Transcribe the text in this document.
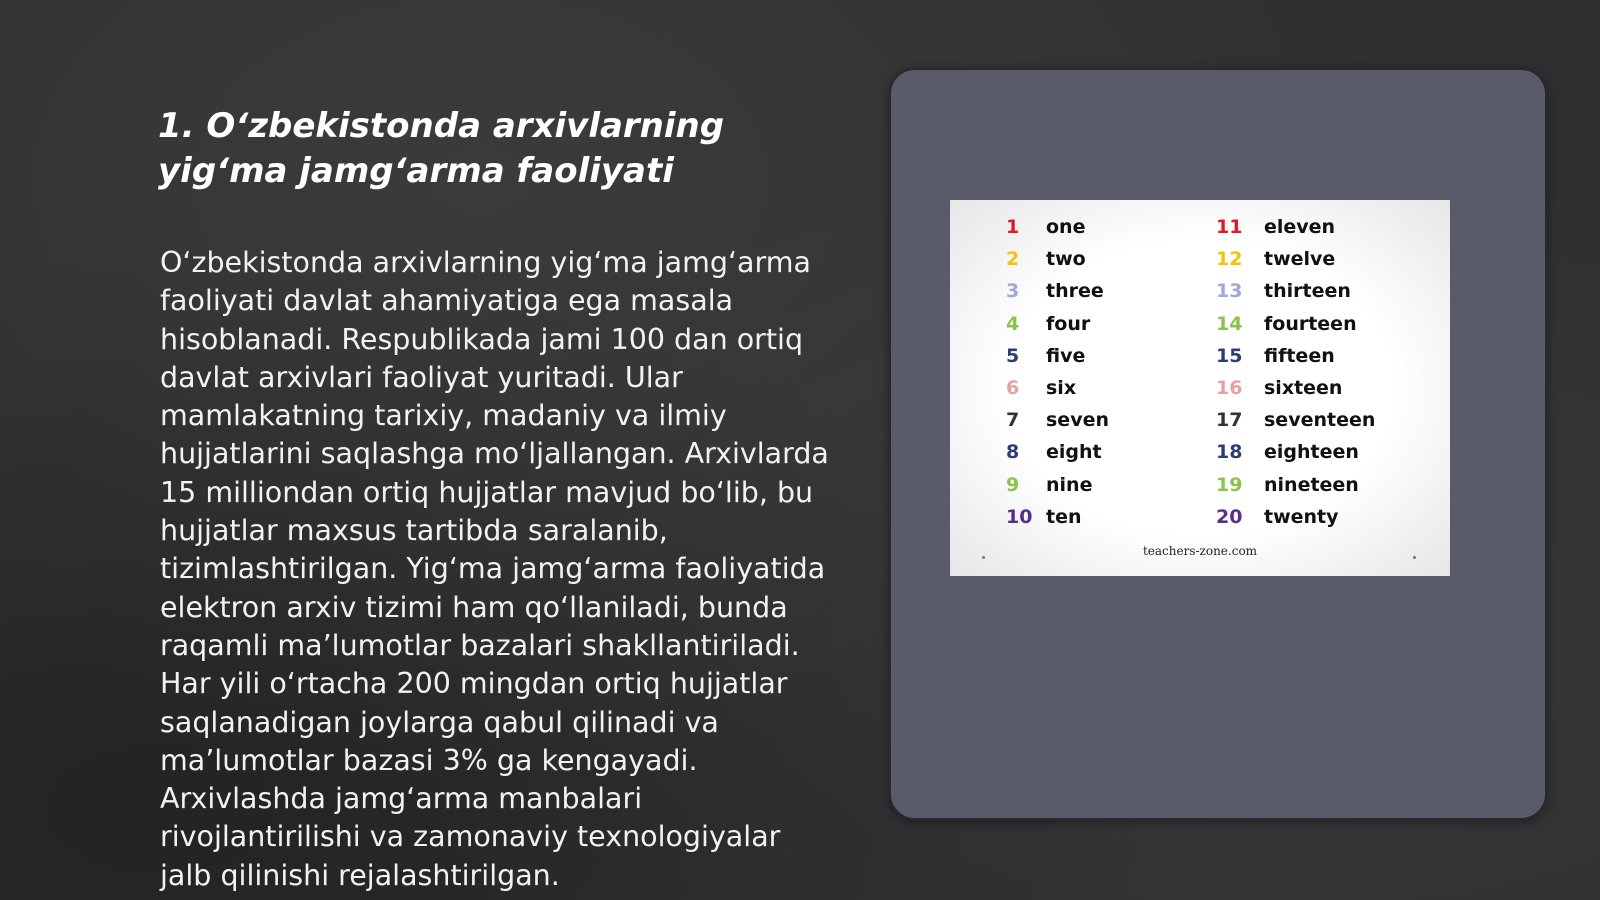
1. O‘zbekistonda arxivlarning yig‘ma jamg‘arma faoliyati

O‘zbekistonda arxivlarning yig‘ma jamg‘arma faoliyati davlat ahamiyatiga ega masala hisoblanadi. Respublikada jami 100 dan ortiq davlat arxivlari faoliyat yuritadi. Ular mamlakatning tarixiy, madaniy va ilmiy hujjatlarini saqlashga mo‘ljallangan. Arxivlarda 15 milliondan ortiq hujjatlar mavjud bo‘lib, bu hujjatlar maxsus tartibda saralanib, tizimlashtirilgan. Yig‘ma jamg‘arma faoliyatida elektron arxiv tizimi ham qo‘llaniladi, bunda raqamli ma’lumotlar bazalari shakllantiriladi. Har yili o‘rtacha 200 mingdan ortiq hujjatlar saqlanadigan joylarga qabul qilinadi va ma’lumotlar bazasi 3% ga kengayadi. Arxivlashda jamg‘arma manbalari rivojlantirilishi va zamonaviy texnologiyalar jalb qilinishi rejalashtirilgan.

teachers-zone.com
1	one
2	two
3	three
4	four
5	five
6	six
7	seven
8	eight
9	nine
10 ten
11	eleven
12	twelve
13	thirteen
14	fourteen
15	fifteen
16	sixteen
17	seventeen
18	eighteen
19	nineteen
20	twenty
